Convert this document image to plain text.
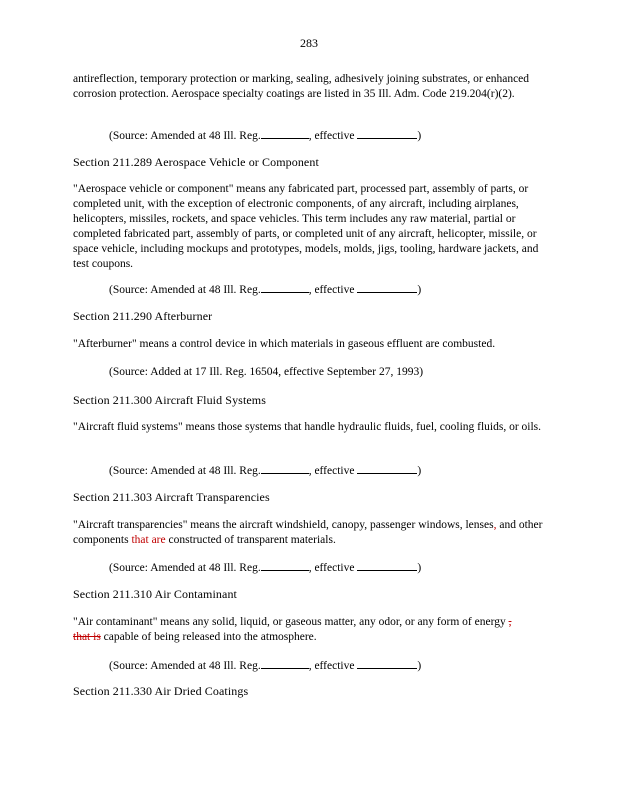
283

antireflection, temporary protection or marking, sealing, adhesively joining substrates, or enhanced corrosion protection. Aerospace specialty coatings are listed in 35 Ill. Adm. Code 219.204(r)(2).

(Source: Amended at 48 Ill. Reg.	, effective	)

Section 211.289 Aerospace Vehicle or Component

"Aerospace vehicle or component" means any fabricated part, processed part, assembly of parts, or completed unit, with the exception of electronic components, of any aircraft, including airplanes, helicopters, missiles, rockets, and space vehicles. This term includes any raw material, partial or completed fabricated part, assembly of parts, or completed unit of any aircraft, helicopter, missile, or space vehicle, including mockups and prototypes, models, molds, jigs, tooling, hardware jackets, and test coupons.

(Source: Amended at 48 Ill. Reg.	, effective	)

Section 211.290 Afterburner

"Afterburner" means a control device in which materials in gaseous effluent are combusted.

(Source: Added at 17 Ill. Reg. 16504, effective September 27, 1993)

Section 211.300 Aircraft Fluid Systems

"Aircraft fluid systems" means those systems that handle hydraulic fluids, fuel, cooling fluids, or oils.

(Source: Amended at 48 Ill. Reg.	, effective	)

Section 211.303 Aircraft Transparencies

"Aircraft transparencies" means the aircraft windshield, canopy, passenger windows, lenses, and other components that are constructed of transparent materials.

(Source: Amended at 48 Ill. Reg.	, effective	)

Section 211.310 Air Contaminant

"Air contaminant" means any solid, liquid, or gaseous matter, any odor, or any form of energy ,
that is capable of being released into the atmosphere.

(Source: Amended at 48 Ill. Reg.	, effective	)

Section 211.330 Air Dried Coatings
